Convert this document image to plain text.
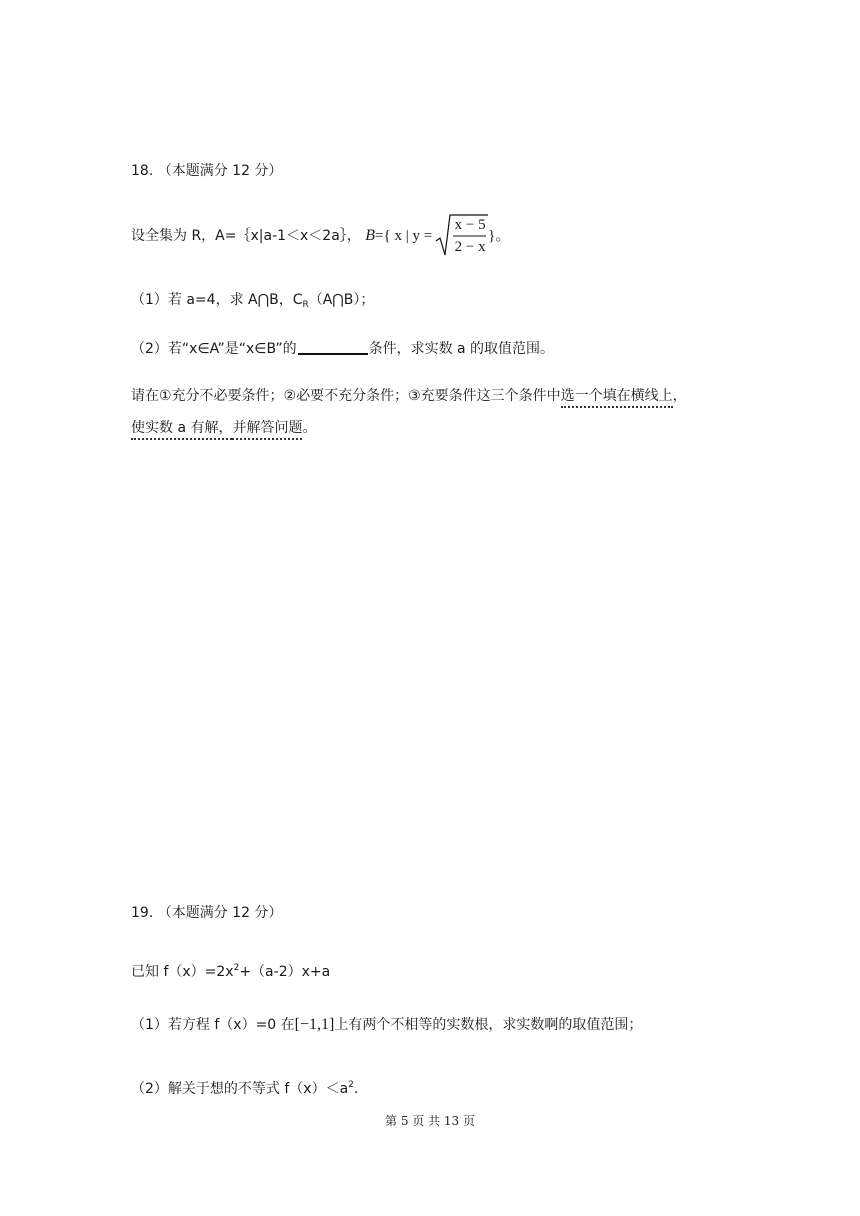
18. （本题满分 12 分）
设全集为 R，A=｛x|a-1＜x＜2a｝， B={ x | y =
x − 5
2 − x
}。
（1）若 a=4，求 A⋂B，$C_R(A⋂B)$；
（2）若“x∈A”是“x∈B”的	条件，求实数 a 的取值范围。
请在①充分不必要条件；②必要不充分条件；③充要条件这三个条件中选一个填在横线上，
使实数 a 有解，并解答问题。
19. （本题满分 12 分）
已知 $f(x)=2x^2+(a-2)x+a$
（1）若方程 f（x）=0 在[−1,1]上有两个不相等的实数根，求实数啊的取值范围；
（2）解关于想的不等式 $f(x)<a^2$.
第 5 页 共 13 页
